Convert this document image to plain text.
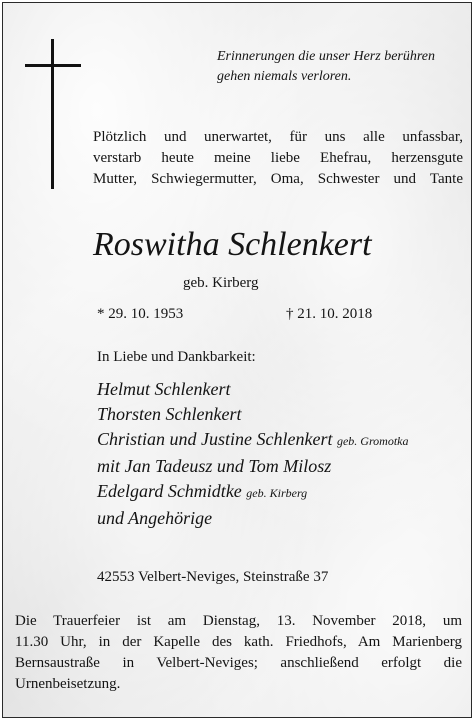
Erinnerungen die unser Herz berühren
gehen niemals verloren.
Plötzlich und unerwartet, für uns alle unfassbar,
verstarb heute meine liebe Ehefrau, herzensgute
Mutter, Schwiegermutter, Oma, Schwester und Tante
Roswitha Schlenkert
geb. Kirberg
* 29. 10. 1953	† 21. 10. 2018
In Liebe und Dankbarkeit:
Helmut Schlenkert
Thorsten Schlenkert
Christian und Justine Schlenkert geb. Gromotka
mit Jan Tadeusz und Tom Milosz
Edelgard Schmidtke geb. Kirberg
und Angehörige
42553 Velbert-Neviges, Steinstraße 37
Die Trauerfeier ist am Dienstag, 13. November 2018, um
11.30 Uhr, in der Kapelle des kath. Friedhofs, Am Marienberg
Bernsaustraße in Velbert-Neviges; anschließend erfolgt die
Urnenbeisetzung.
